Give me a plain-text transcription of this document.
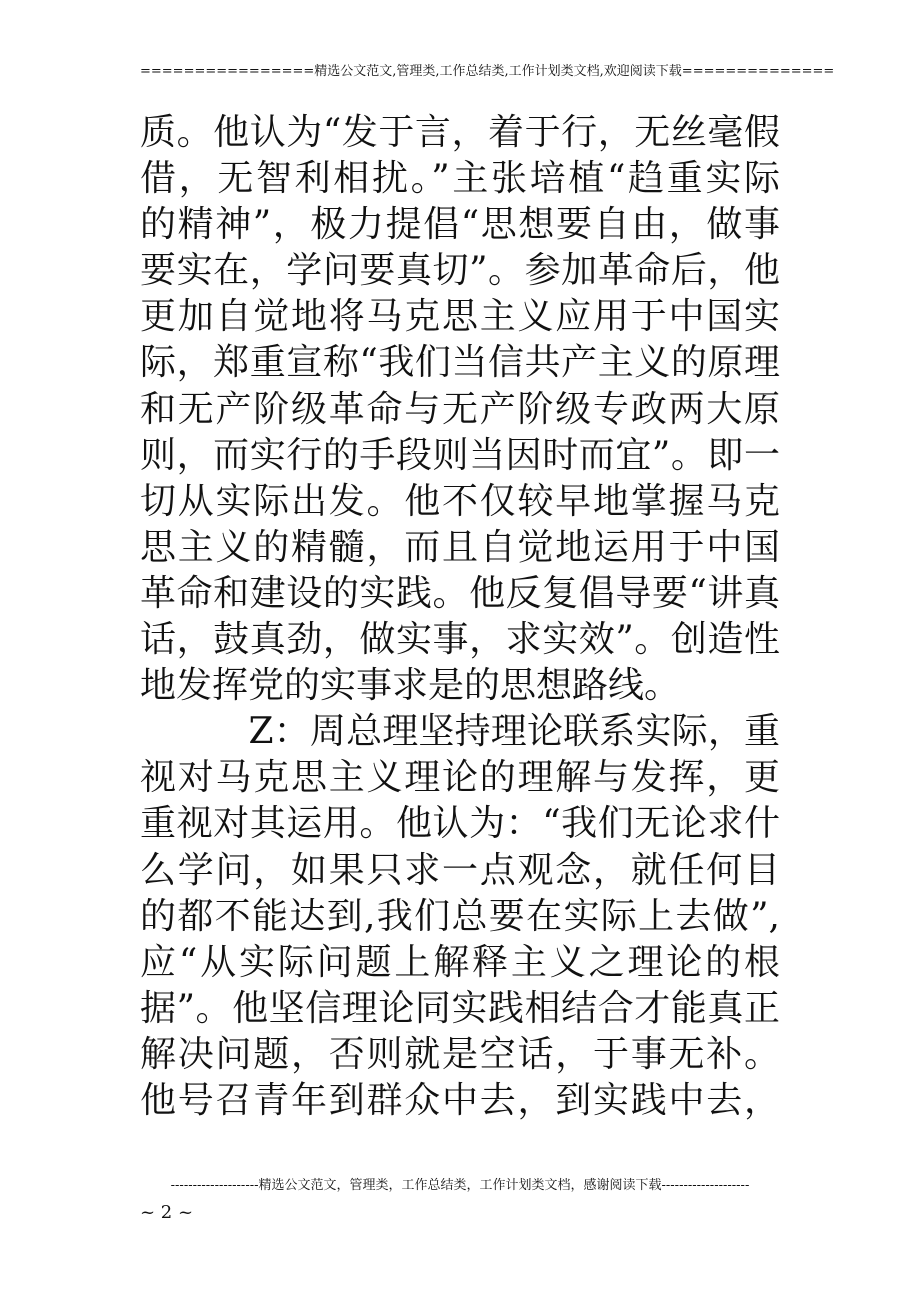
================精选公文范文,管理类,工作总结类,工作计划类文档,欢迎阅读下载==============
质。他认为“发于言，着于行，无丝毫假
借，无智利相扰。”主张培植“趋重实际
的精神”，极力提倡“思想要自由，做事
要实在，学问要真切”。参加革命后，他
更加自觉地将马克思主义应用于中国实
际，郑重宣称“我们当信共产主义的原理
和无产阶级革命与无产阶级专政两大原
则，而实行的手段则当因时而宜”。即一
切从实际出发。他不仅较早地掌握马克
思主义的精髓，而且自觉地运用于中国
革命和建设的实践。他反复倡导要“讲真
话，鼓真劲，做实事，求实效”。创造性
地发挥党的实事求是的思想路线。
　　　Z：周总理坚持理论联系实际，重
视对马克思主义理论的理解与发挥，更
重视对其运用。他认为：“我们无论求什
么学问，如果只求一点观念，就任何目
的都不能达到,我们总要在实际上去做”,
应“从实际问题上解释主义之理论的根
据”。他坚信理论同实践相结合才能真正
解决问题，否则就是空话，于事无补。
他号召青年到群众中去，到实践中去，
--------------------精选公文范文，管理类，工作总结类，工作计划类文档，感谢阅读下载--------------------
~ 2 ~
